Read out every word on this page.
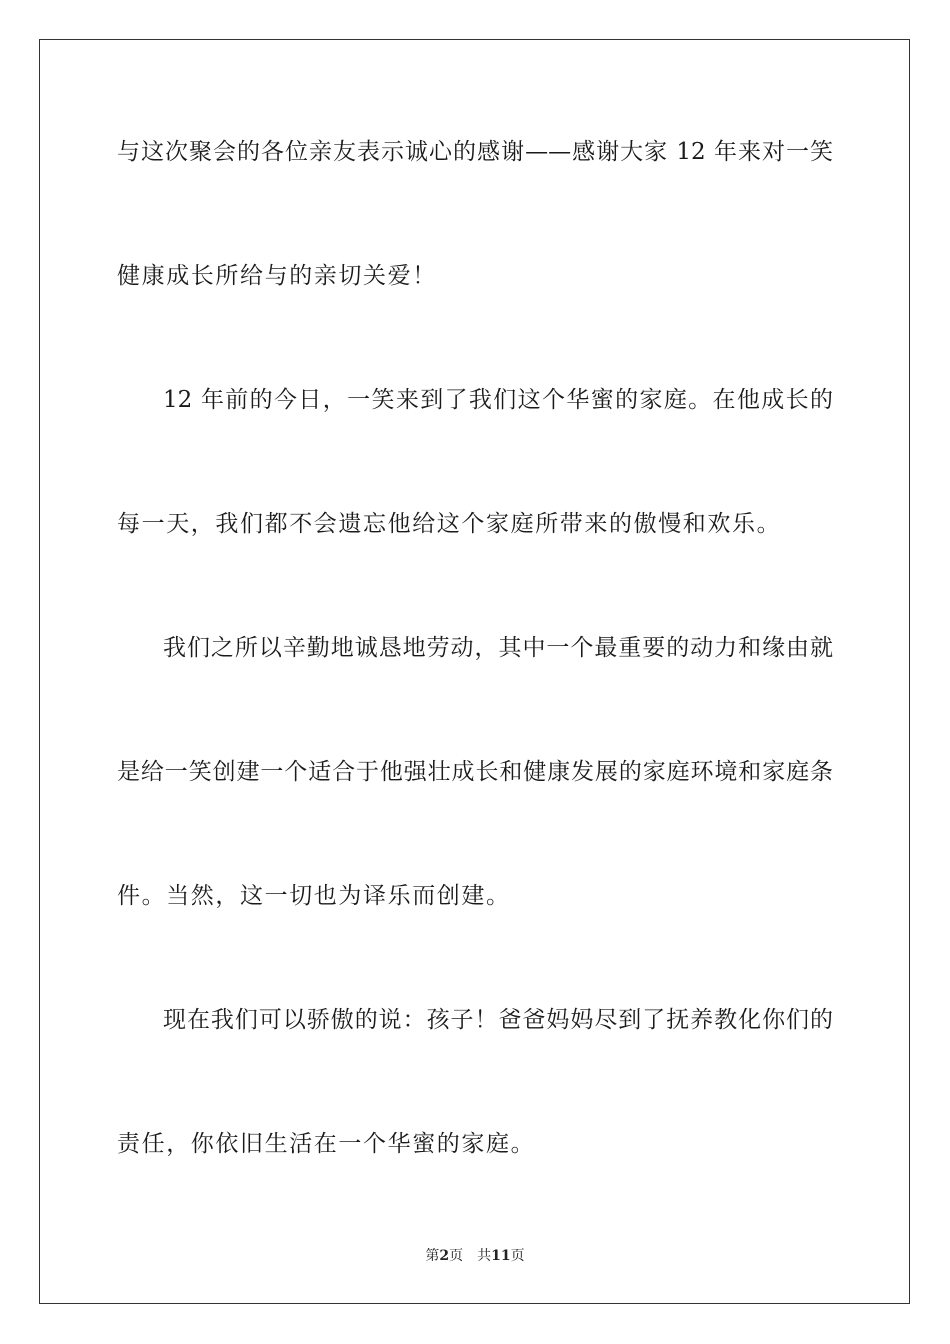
与这次聚会的各位亲友表示诚心的感谢——感谢大家 12 年来对一笑
健康成长所给与的亲切关爱！
12 年前的今日，一笑来到了我们这个华蜜的家庭。在他成长的
每一天，我们都不会遗忘他给这个家庭所带来的傲慢和欢乐。
我们之所以辛勤地诚恳地劳动，其中一个最重要的动力和缘由就
是给一笑创建一个适合于他强壮成长和健康发展的家庭环境和家庭条
件。当然，这一切也为译乐而创建。
现在我们可以骄傲的说：孩子！爸爸妈妈尽到了抚养教化你们的
责任，你依旧生活在一个华蜜的家庭。
第2页 共11页
